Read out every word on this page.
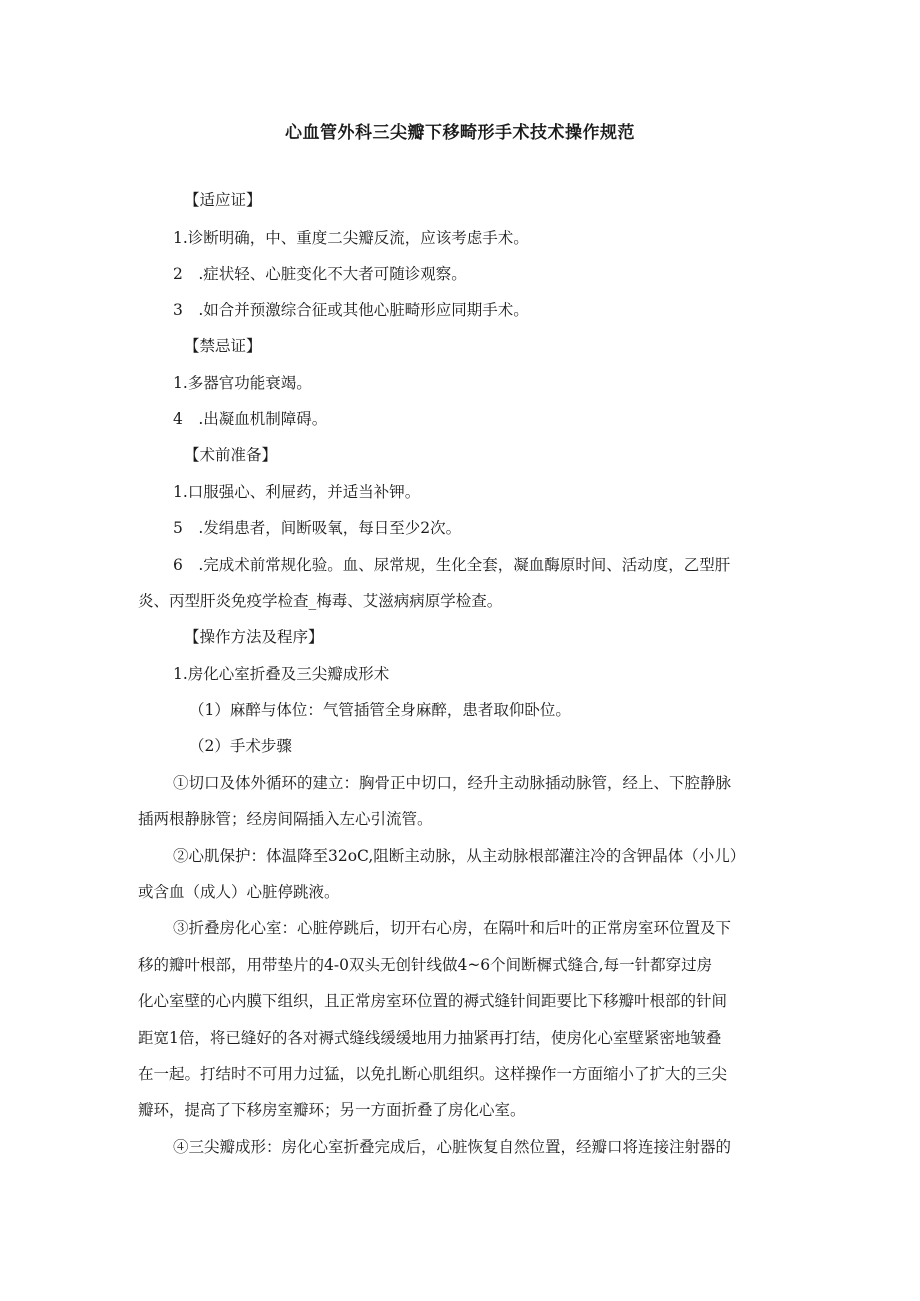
心血管外科三尖瓣下移畸形手术技术操作规范
【适应证】
1.诊断明确，中、重度二尖瓣反流，应该考虑手术。
2　.症状轻、心脏变化不大者可随诊观察。
3　.如合并预激综合征或其他心脏畸形应同期手术。
【禁忌证】
1.多器官功能衰竭。
4　.出凝血机制障碍。
【术前准备】
1.口服强心、利屉药，并适当补钾。
5　.发绢患者，间断吸氧，每日至少2次。
6　.完成术前常规化验。血、尿常规，生化全套，凝血酶原时间、活动度，乙型肝
炎、丙型肝炎免疫学检查_梅毒、艾滋病病原学检查。
【操作方法及程序】
1.房化心室折叠及三尖瓣成形术
（1）麻醉与体位：气管插管全身麻醉，患者取仰卧位。
（2）手术步骤
①切口及体外循环的建立：胸骨正中切口，经升主动脉插动脉管，经上、下腔静脉
插两根静脉管；经房间隔插入左心引流管。
②心肌保护：体温降至32oC,阻断主动脉，从主动脉根部灌注冷的含钾晶体（小儿）
或含血（成人）心脏停跳液。
③折叠房化心室：心脏停跳后，切开右心房，在隔叶和后叶的正常房室环位置及下
移的瓣叶根部，用带垫片的4-0双头无创针线做4~6个间断樨式缝合,每一针都穿过房
化心室壁的心内膜下组织，且正常房室环位置的褥式缝针间距要比下移瓣叶根部的针间
距宽1倍，将已缝好的各对褥式缝线缓缓地用力抽紧再打结，使房化心室壁紧密地皱叠
在一起。打结时不可用力过猛，以免扎断心肌组织。这样操作一方面缩小了扩大的三尖
瓣环，提高了下移房室瓣环；另一方面折叠了房化心室。
④三尖瓣成形：房化心室折叠完成后，心脏恢复自然位置，经瓣口将连接注射器的
